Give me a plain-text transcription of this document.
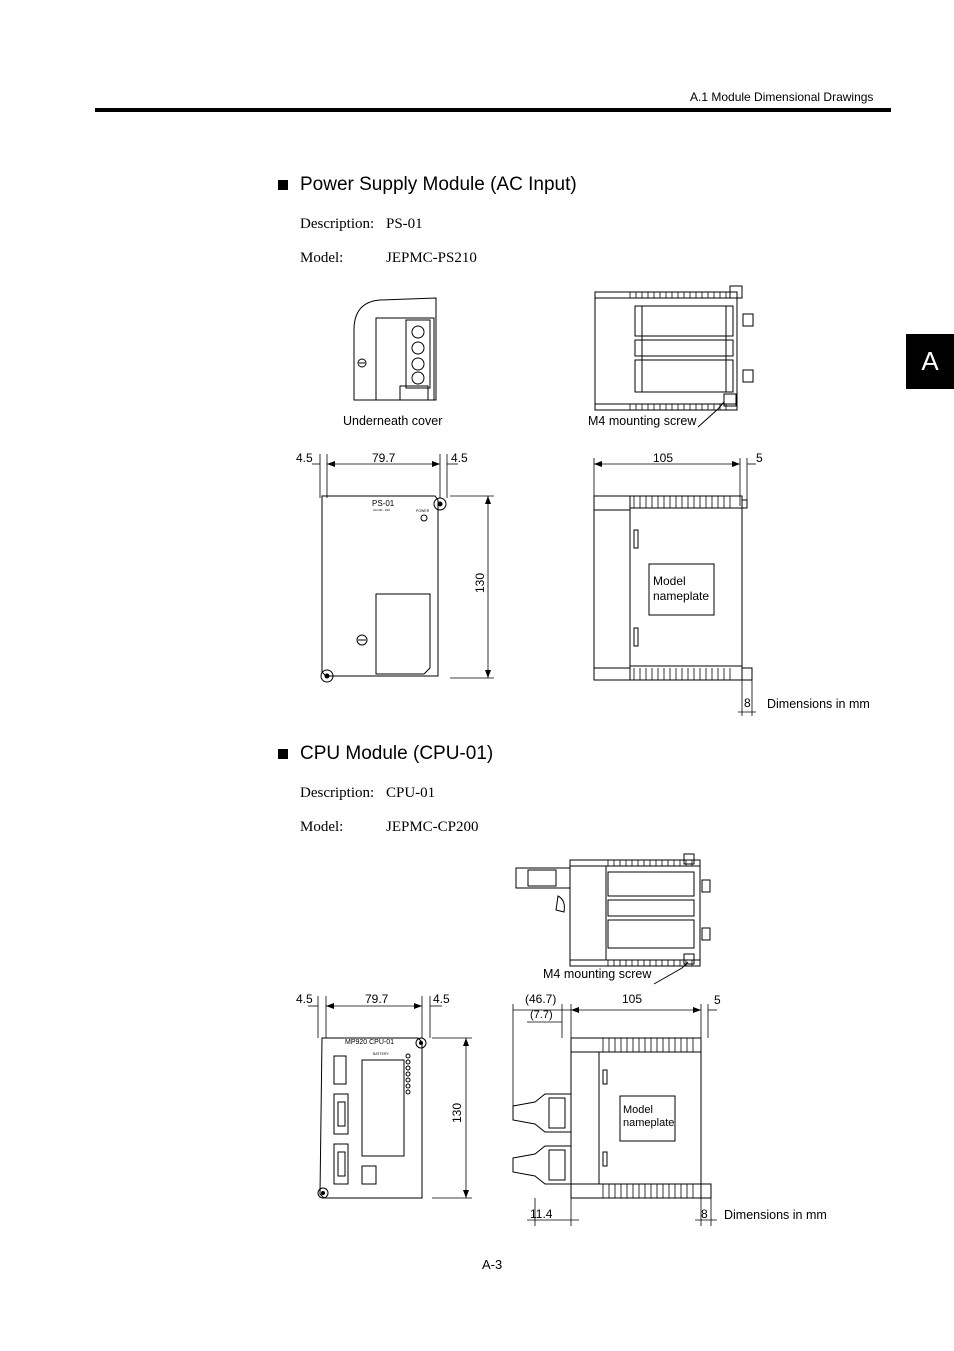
A.1 Module Dimensional Drawings
A
Power Supply Module (AC Input)
Description: PS-01
Model:	JEPMC-PS210
Underneath cover	M4 mounting screw
4.5	79.7	4.5
130
PS-01
AC100 - 240	POWER
105	5
Model
nameplate
8 Dimensions in mm
CPU Module (CPU-01)
Description: CPU-01
Model:	JEPMC-CP200
M4 mounting screw
4.5	79.7	4.5
130
MP920 CPU-01
BATTERY
(46.7)
(7.7)
105	5
Model
nameplate
11.4	8 Dimensions in mm
A-3
